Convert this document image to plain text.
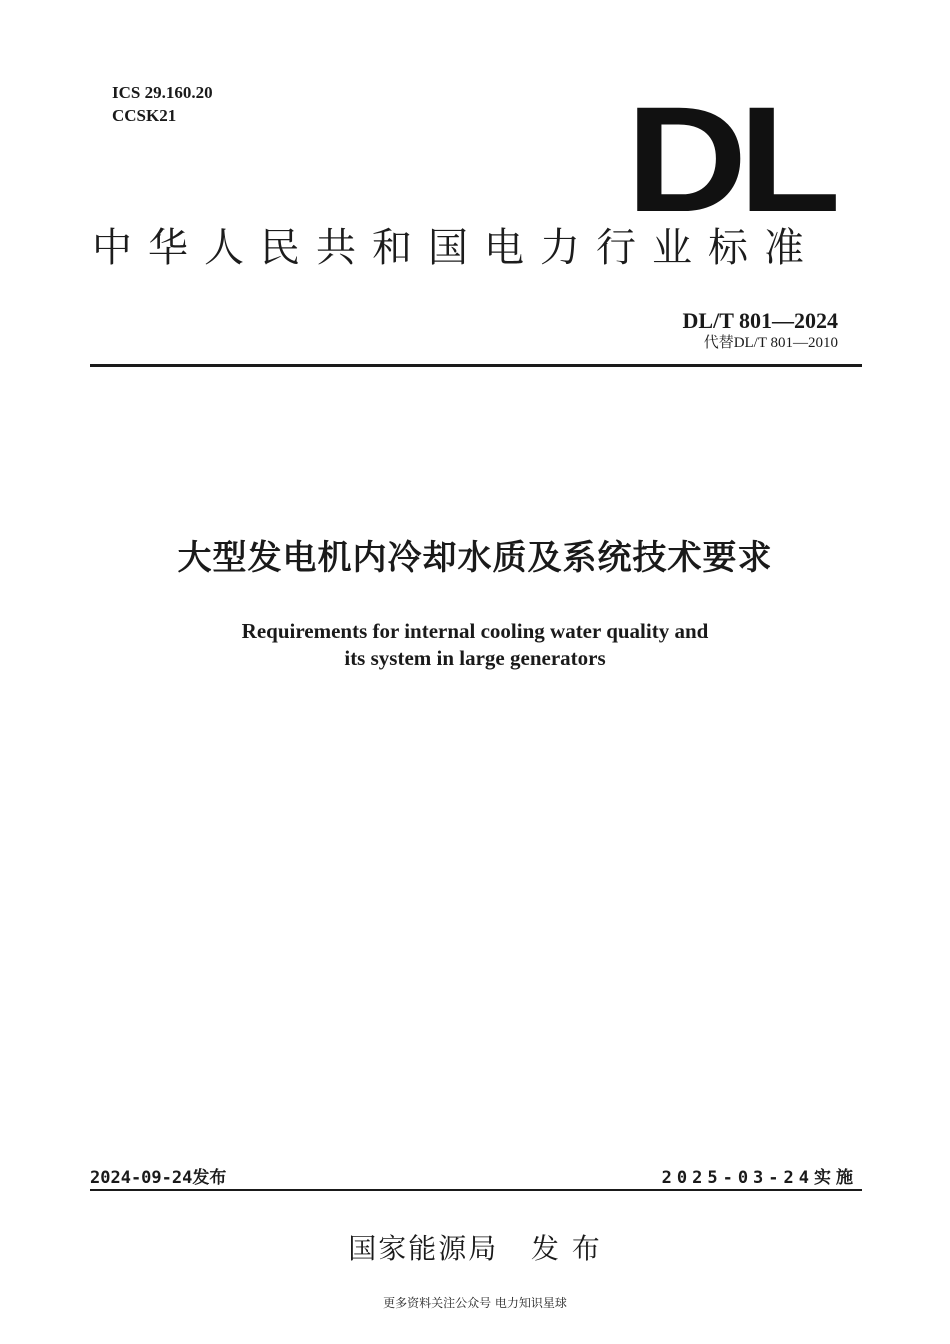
ICS 29.160.20
CCSK21	DL
中华人民共和国电力行业标准
DL/T 801—2024
代替DL/T 801—2010
大型发电机内冷却水质及系统技术要求
Requirements for internal cooling water quality and
its system in large generators
2024-09-24发布	2025-03-24实施
国家能源局   发 布
更多资料关注公众号 电力知识星球
